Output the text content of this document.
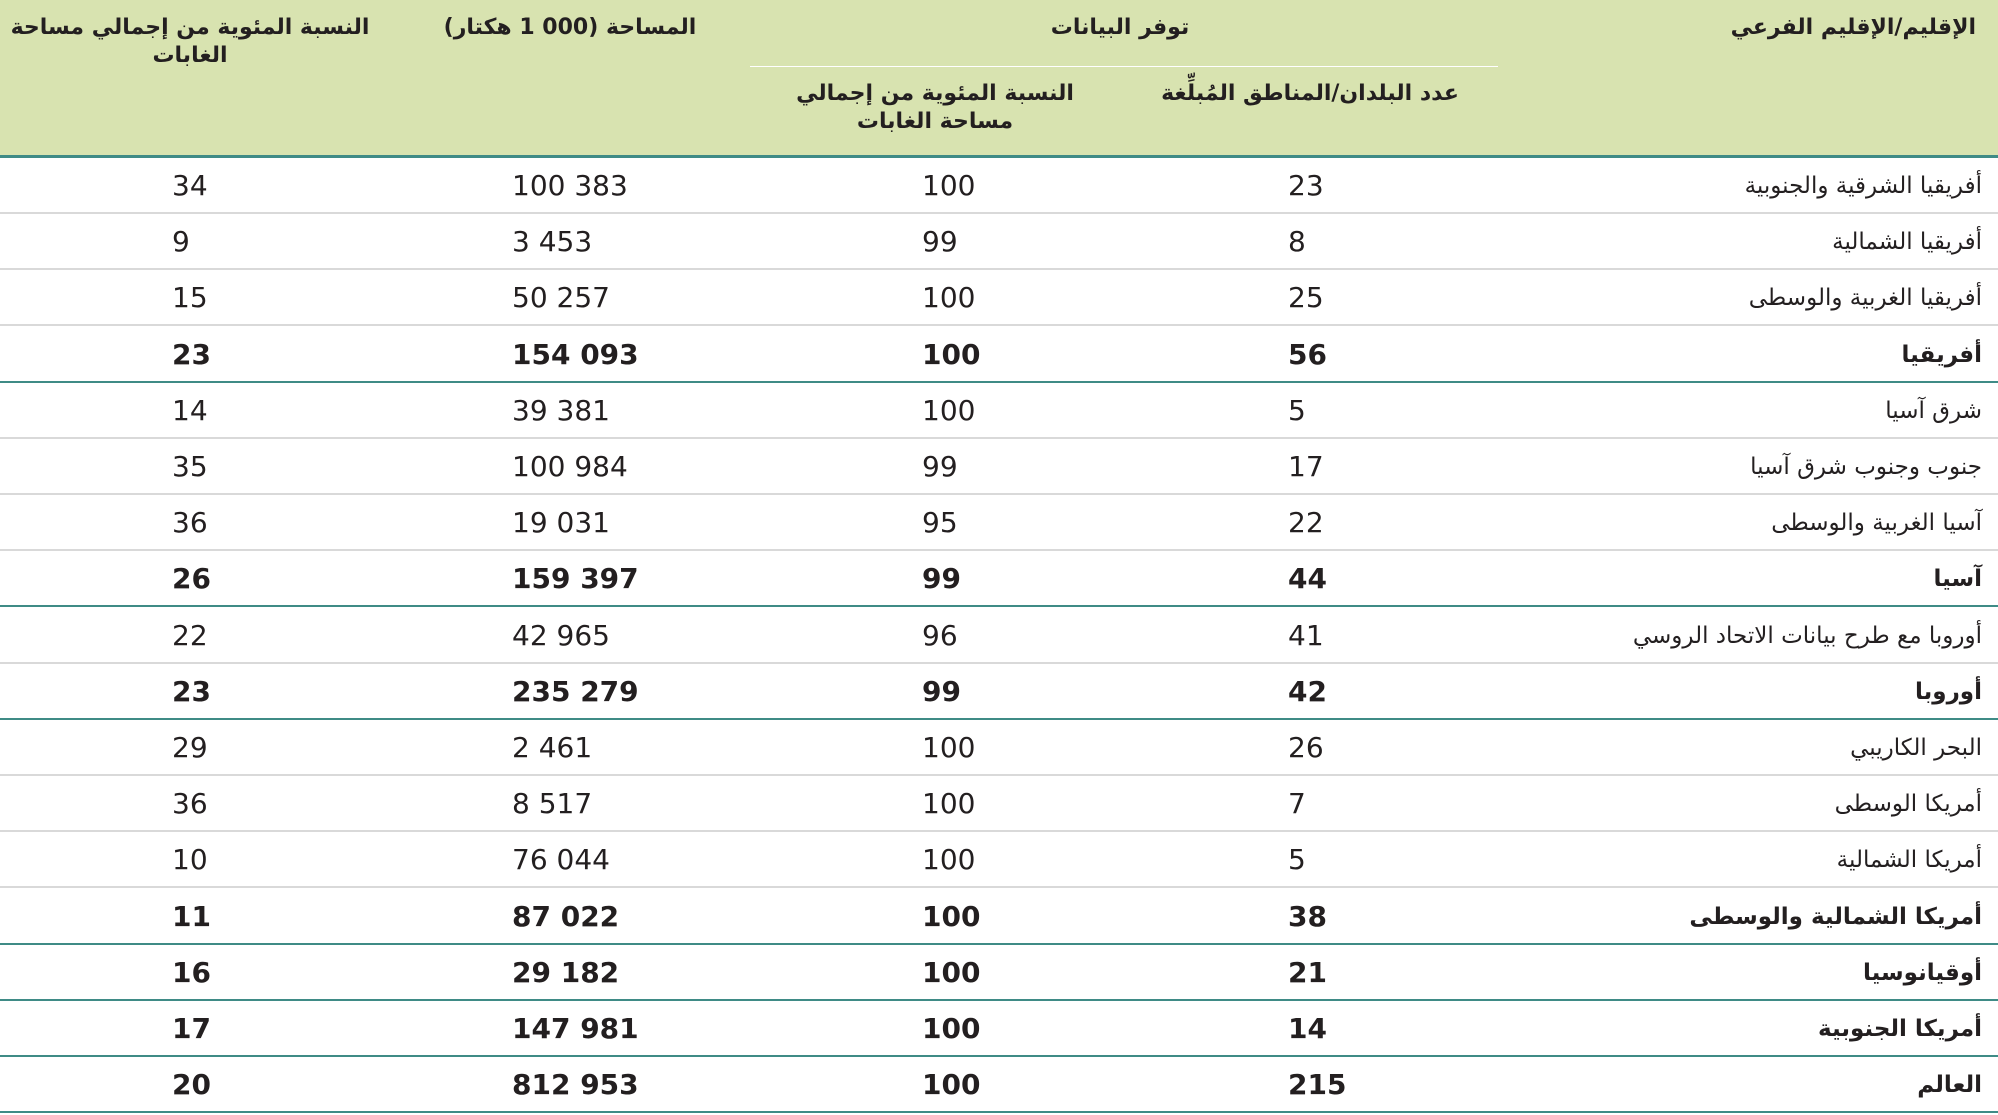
الإقليم/الإقليم الفرعي
توفر البيانات
عدد البلدان/المناطق المُبلِّغة
النسبة المئوية من إجمالي مساحة الغابات
المساحة (000 1 هكتار)
النسبة المئوية من إجمالي مساحة الغابات
أفريقيا الشرقية والجنوبية
23
100
100 383
34
أفريقيا الشمالية
8
99
3 453
9
أفريقيا الغربية والوسطى
25
100
50 257
15
أفريقيا
56
100
154 093
23
شرق آسيا
5
100
39 381
14
جنوب وجنوب شرق آسيا
17
99
100 984
35
آسيا الغربية والوسطى
22
95
19 031
36
آسيا
44
99
159 397
26
أوروبا مع طرح بيانات الاتحاد الروسي
41
96
42 965
22
أوروبا
42
99
235 279
23
البحر الكاريبي
26
100
2 461
29
أمريكا الوسطى
7
100
8 517
36
أمريكا الشمالية
5
100
76 044
10
أمريكا الشمالية والوسطى
38
100
87 022
11
أوقيانوسيا
21
100
29 182
16
أمريكا الجنوبية
14
100
147 981
17
العالم
215
100
812 953
20
